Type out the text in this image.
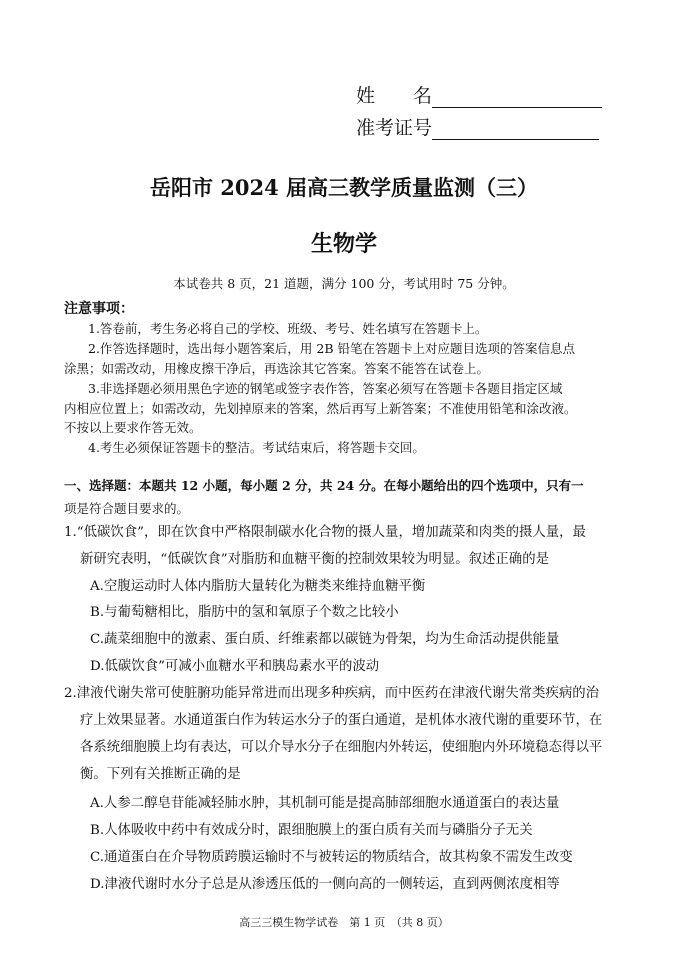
姓　　名
准考证号
岳阳市 2024 届高三教学质量监测（三）
生物学
本试卷共 8 页，21 道题，满分 100 分，考试用时 75 分钟。
注意事项：
1.答卷前，考生务必将自己的学校、班级、考号、姓名填写在答题卡上。
2.作答选择题时，选出每小题答案后，用 2B 铅笔在答题卡上对应题目选项的答案信息点
涂黑；如需改动，用橡皮擦干净后，再选涂其它答案。答案不能答在试卷上。
3.非选择题必须用黑色字迹的钢笔或签字表作答，答案必须写在答题卡各题目指定区域
内相应位置上；如需改动，先划掉原来的答案，然后再写上新答案；不准使用铅笔和涂改液。
不按以上要求作答无效。
4.考生必须保证答题卡的整洁。考试结束后，将答题卡交回。
一、选择题：本题共 12 小题，每小题 2 分，共 24 分。在每小题给出的四个选项中，只有一
项是符合题目要求的。
1.“低碳饮食”，即在饮食中严格限制碳水化合物的摄人量，增加蔬菜和肉类的摄人量，最
新研究表明，“低碳饮食”对脂肪和血糖平衡的控制效果较为明显。叙述正确的是
A.空腹运动时人体内脂肪大量转化为糖类来维持血糖平衡
B.与葡萄糖相比，脂肪中的氢和氧原子个数之比较小
C.蔬菜细胞中的激素、蛋白质、纤维素都以碳链为骨架，均为生命活动提供能量
D.低碳饮食”可减小血糖水平和胰岛素水平的波动
2.津液代谢失常可使脏腑功能异常进而出现多种疾病，而中医药在津液代谢失常类疾病的治
疗上效果显著。水通道蛋白作为转运水分子的蛋白通道，是机体水液代谢的重要环节，在
各系统细胞膜上均有表达，可以介导水分子在细胞内外转运，使细胞内外环境稳态得以平
衡。下列有关推断正确的是
A.人参二醇皂苷能减轻肺水肿，其机制可能是提高肺部细胞水通道蛋白的表达量
B.人体吸收中药中有效成分时，跟细胞膜上的蛋白质有关而与磷脂分子无关
C.通道蛋白在介导物质跨膜运输时不与被转运的物质结合，故其构象不需发生改变
D.津液代谢时水分子总是从渗透压低的一侧向高的一侧转运，直到两侧浓度相等
高三三模生物学试卷　第 1 页　（共 8 页）
